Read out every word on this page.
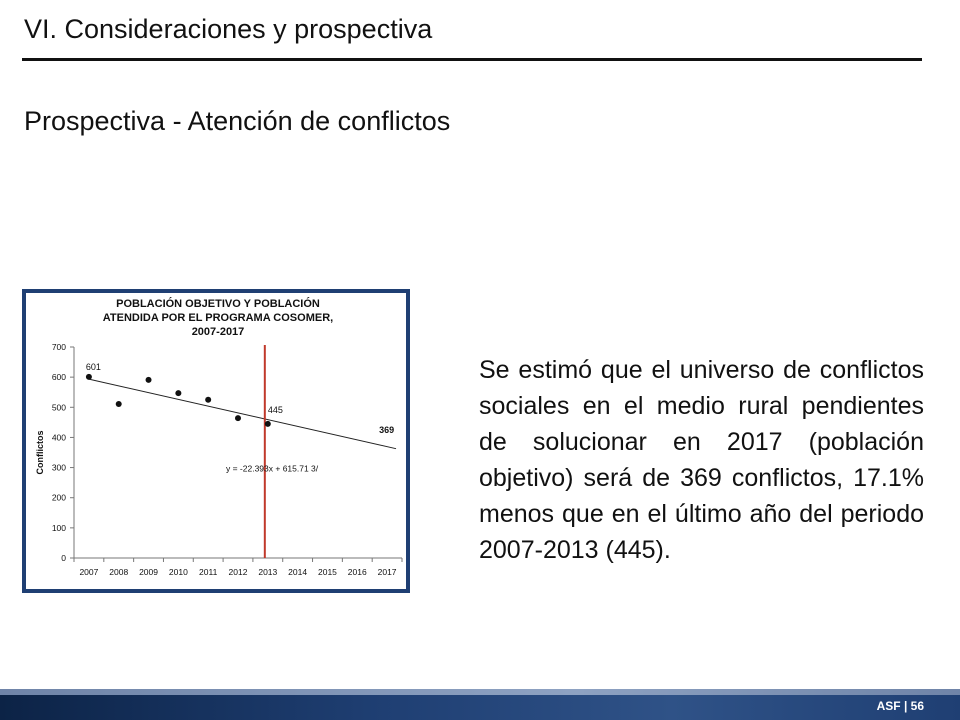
VI. Consideraciones y prospectiva
Prospectiva - Atención de conflictos
POBLACIÓN OBJETIVO Y POBLACIÓN
ATENDIDA POR EL PROGRAMA COSOMER,
2007-2017
Conflictos
0
100
200
300
400
500
600
700
2007 2008 2009 2010 2011 2012 2013 2014 2015 2016 2017
601
445
369
y = -22.393x + 615.71 3/
Se estimó que el universo de conflictos sociales en el medio rural pendientes de solucionar en 2017 (población objetivo) será de 369 conflictos, 17.1% menos que en el último año del periodo 2007-2013 (445).
ASF | 56
